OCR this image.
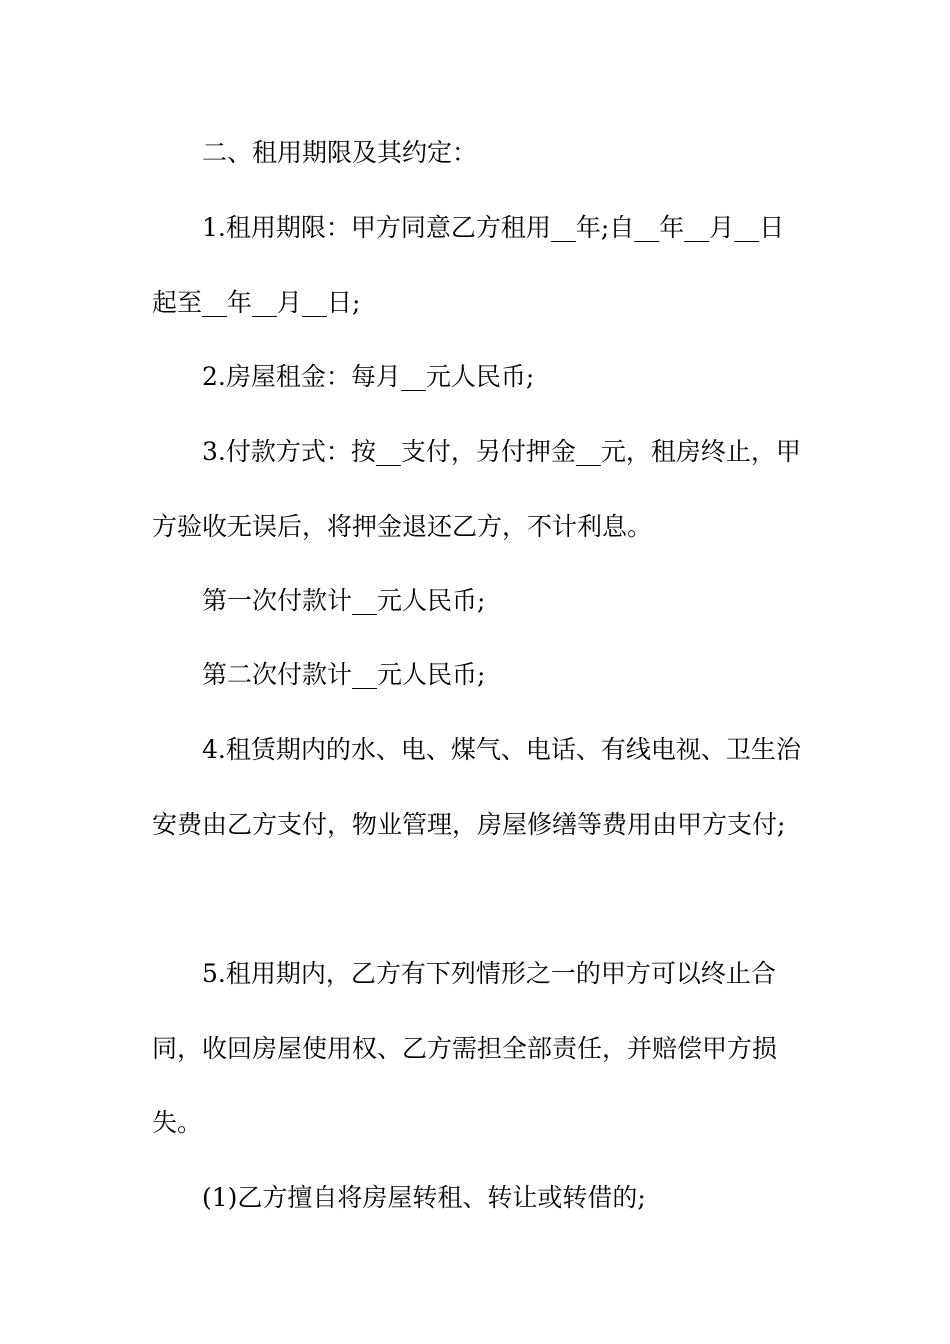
二、租用期限及其约定：

1.租用期限：甲方同意乙方租用__年;自__年__月__日起至__年__月__日;

2.房屋租金：每月__元人民币;

3.付款方式：按__支付，另付押金__元，租房终止，甲方验收无误后，将押金退还乙方，不计利息。

第一次付款计__元人民币;

第二次付款计__元人民币;

4.租赁期内的水、电、煤气、电话、有线电视、卫生治安费由乙方支付，物业管理，房屋修缮等费用由甲方支付;

5.租用期内，乙方有下列情形之一的甲方可以终止合同，收回房屋使用权、乙方需担全部责任，并赔偿甲方损失。

(1)乙方擅自将房屋转租、转让或转借的;
